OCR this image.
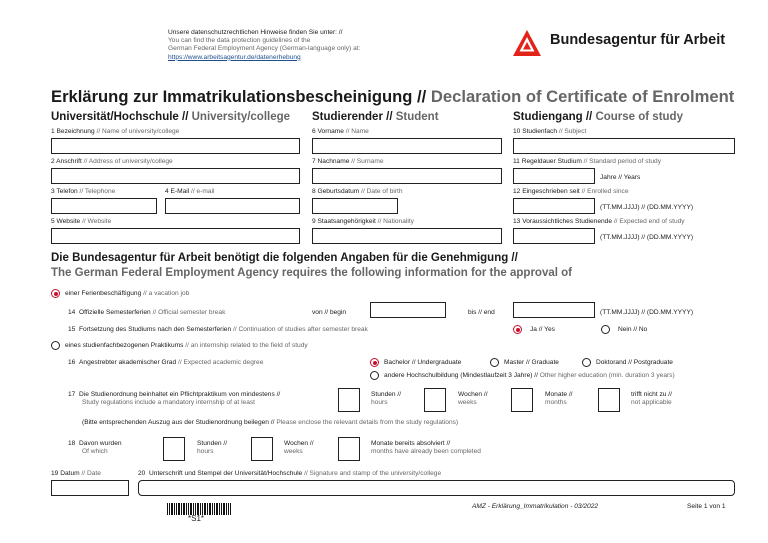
Unsere datenschutzrechtlichen Hinweise finden Sie unter: //
You can find the data protection guidelines of the
German Federal Employment Agency (German-language only) at:
https://www.arbeitsagentur.de/datenerhebung
Bundesagentur für Arbeit
Erklärung zur Immatrikulationsbescheinigung // Declaration of Certificate of Enrolment
Universität/Hochschule // University/college Studierender // Student	Studiengang // Course of study
1 Bezeichnung // Name of university/college
2 Anschrift // Address of university/college
3 Telefon // Telephone	4 E-Mail // e-mail
5 Website // Website
6 Vorname // Name
7 Nachname // Surname
8 Geburtsdatum // Date of birth
9 Staatsangehörigkeit // Nationality
10 Studienfach // Subject
11 Regeldauer Studium // Standard period of study
Jahre // Years
12 Eingeschrieben seit // Enrolled since
(TT.MM.JJJJ) // (DD.MM.YYYY)
13 Voraussichtliches Studienende // Expected end of study
(TT.MM.JJJJ) // (DD.MM.YYYY)
Die Bundesagentur für Arbeit benötigt die folgenden Angaben für die Genehmigung //
The German Federal Employment Agency requires the following information for the approval of
einer Ferienbeschäftigung // a vacation job
14 Offizielle Semesterferien // Official semester break	von // begin	bis // end	(TT.MM.JJJJ) // (DD.MM.YYYY)
15 Fortsetzung des Studiums nach den Semesterferien // Continuation of studies after semester break	Ja // Yes	Nein // No
eines studienfachbezogenen Praktikums // an internship related to the field of study
16 Angestrebter akademischer Grad // Expected academic degree	Bachelor // Undergraduate	Master // Graduate	Doktorand // Postgraduate
andere Hochschulbildung (Mindestlaufzeit 3 Jahre) // Other higher education (min. duration 3 years)
17 Die Studienordnung beinhaltet ein Pflichtpraktikum von mindestens //
Study regulations include a mandatory internship of at least
Stunden //
hours
Wochen //
weeks
Monate //
months
trifft nicht zu //
not applicable
(Bitte entsprechenden Auszug aus der Studienordnung beilegen // Please enclose the relevant details from the study regulations)
18 Davon wurden
Of which
Stunden //
hours
Wochen //
weeks
Monate bereits absolviert //
months have already been completed
19 Datum // Date	20 Unterschrift und Stempel der Universität/Hochschule // Signature and stamp of the university/college
*S1*
AMZ - Erklärung_Immatrikulation - 03/2022	Seite 1 von 1
